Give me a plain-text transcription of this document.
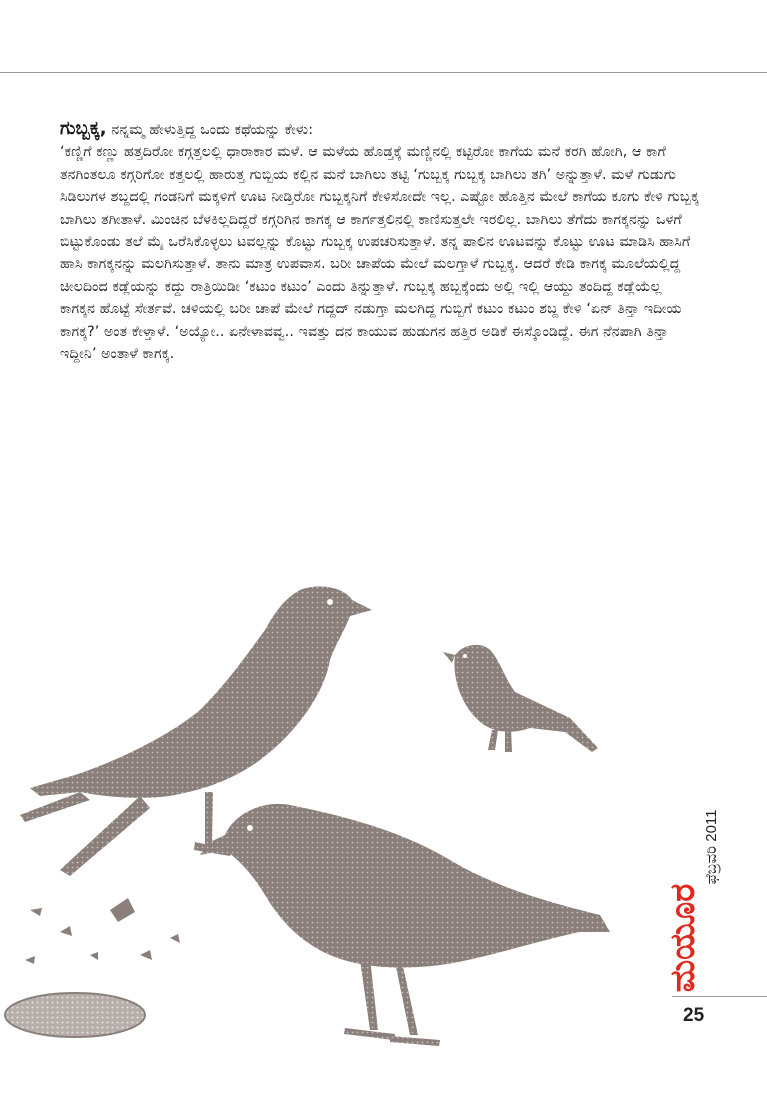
ಗುಬ್ಬಕ್ಕ, ನನ್ನಮ್ಮ ಹೇಳುತ್ತಿದ್ದ ಒಂದು ಕಥೆಯನ್ನು ಕೇಳು:
‘ಕಣ್ಣಿಗೆ ಕಣ್ಣು ಹತ್ತದಿರೋ ಕಗ್ಗತ್ತಲಲ್ಲಿ ಧಾರಾಕಾರ ಮಳೆ. ಆ ಮಳೆಯ ಹೊಡ್ತಕ್ಕೆ ಮಣ್ಣಿನಲ್ಲಿ ಕಟ್ಟಿರೋ ಕಾಗೆಯ ಮನೆ ಕರಗಿ ಹೋಗಿ, ಆ ಕಾಗೆ ತನಗಿಂತಲೂ ಕಗ್ಗರಿಗೋ ಕತ್ತಲಲ್ಲಿ ಹಾರುತ್ತ ಗುಬ್ಬಿಯ ಕಲ್ಲಿನ ಮನೆ ಬಾಗಿಲು ತಟ್ಟಿ ‘ಗುಬ್ಬಕ್ಕ ಗುಬ್ಬಕ್ಕ ಬಾಗಿಲು ತಗಿ’ ಅನ್ನುತ್ತಾಳೆ. ಮಳೆ ಗುಡುಗು ಸಿಡಿಲುಗಳ ಶಬ್ದದಲ್ಲಿ ಗಂಡನಿಗೆ ಮಕ್ಕಳಿಗೆ ಊಟ ನೀಡ್ತಿರೋ ಗುಬ್ಬಕ್ಕನಿಗೆ ಕೇಳಿಸೋದೇ ಇಲ್ಲ. ಎಷ್ಟೋ ಹೊತ್ತಿನ ಮೇಲೆ ಕಾಗೆಯ ಕೂಗು ಕೇಳಿ ಗುಬ್ಬಕ್ಕ ಬಾಗಿಲು ತಗೀತಾಳೆ. ಮಿಂಚಿನ ಬೆಳಕಿಲ್ಲದಿದ್ದರೆ ಕಗ್ಗರಿಗಿನ ಕಾಗಕ್ಕ ಆ ಕಾರ್ಗತ್ತಲಿನಲ್ಲಿ ಕಾಣಿಸುತ್ತಲೇ ಇರಲಿಲ್ಲ. ಬಾಗಿಲು ತೆಗೆದು ಕಾಗಕ್ಕನನ್ನು ಒಳಗೆ ಬಿಟ್ಟುಕೊಂಡು ತಲೆ ಮೈ ಒರೆಸಿಕೊಳ್ಳಲು ಟವಲ್ಲನ್ನು ಕೊಟ್ಟು ಗುಬ್ಬಕ್ಕ ಉಪಚರಿಸುತ್ತಾಳೆ. ತನ್ನ ಪಾಲಿನ ಊಟವನ್ನು ಕೊಟ್ಟು ಊಟ ಮಾಡಿಸಿ ಹಾಸಿಗೆ ಹಾಸಿ ಕಾಗಕ್ಕನನ್ನು ಮಲಗಿಸುತ್ತಾಳೆ. ತಾನು ಮಾತ್ರ ಉಪವಾಸ. ಬರೀ ಚಾಪೆಯ ಮೇಲೆ ಮಲಗ್ತಾಳೆ ಗುಬ್ಬಕ್ಕ. ಆದರೆ ಕೇಡಿ ಕಾಗಕ್ಕ ಮೂಲೆಯಲ್ಲಿದ್ದ ಚೀಲದಿಂದ ಕಡ್ಲೆಯನ್ನು ಕದ್ದು ರಾತ್ರಿಯಿಡೀ ‘ಕಟುಂ ಕಟುಂ’ ಎಂದು ತಿನ್ನುತ್ತಾಳೆ. ಗುಬ್ಬಕ್ಕ ಹಬ್ಬಕ್ಕೆಂದು ಅಲ್ಲಿ ಇಲ್ಲಿ ಆಯ್ದು ತಂದಿದ್ದ ಕಡ್ಲೆಯೆಲ್ಲ ಕಾಗಕ್ಕನ ಹೊಟ್ಟೆ ಸೇರ್ತವೆ. ಚಳಿಯಲ್ಲಿ ಬರೀ ಚಾಪೆ ಮೇಲೆ ಗದ್ದದ್ ನಡುಗ್ತಾ ಮಲಗಿದ್ದ ಗುಬ್ಬಿಗೆ ಕಟುಂ ಕಟುಂ ಶಬ್ದ ಕೇಳಿ ‘ಏನ್ ತಿನ್ತಾ ಇದೀಯ ಕಾಗಕ್ಕ?’ ಅಂತ ಕೇಳ್ತಾಳೆ. ‘ಅಯ್ಯೋ.. ಏನೇಳಾವವ್ವ.. ಇವತ್ತು ದನ ಕಾಯುವ ಹುಡುಗನ ಹತ್ತಿರ ಅಡಿಕೆ ಈಸ್ಕೊಂಡಿದ್ದೆ. ಈಗ ನೆನಪಾಗಿ ತಿನ್ತಾ ಇದ್ದೀನಿ’ ಅಂತಾಳೆ ಕಾಗಕ್ಕ.
ಫೆಬ್ರವರಿ 2011
ಮಯೂರ
25
